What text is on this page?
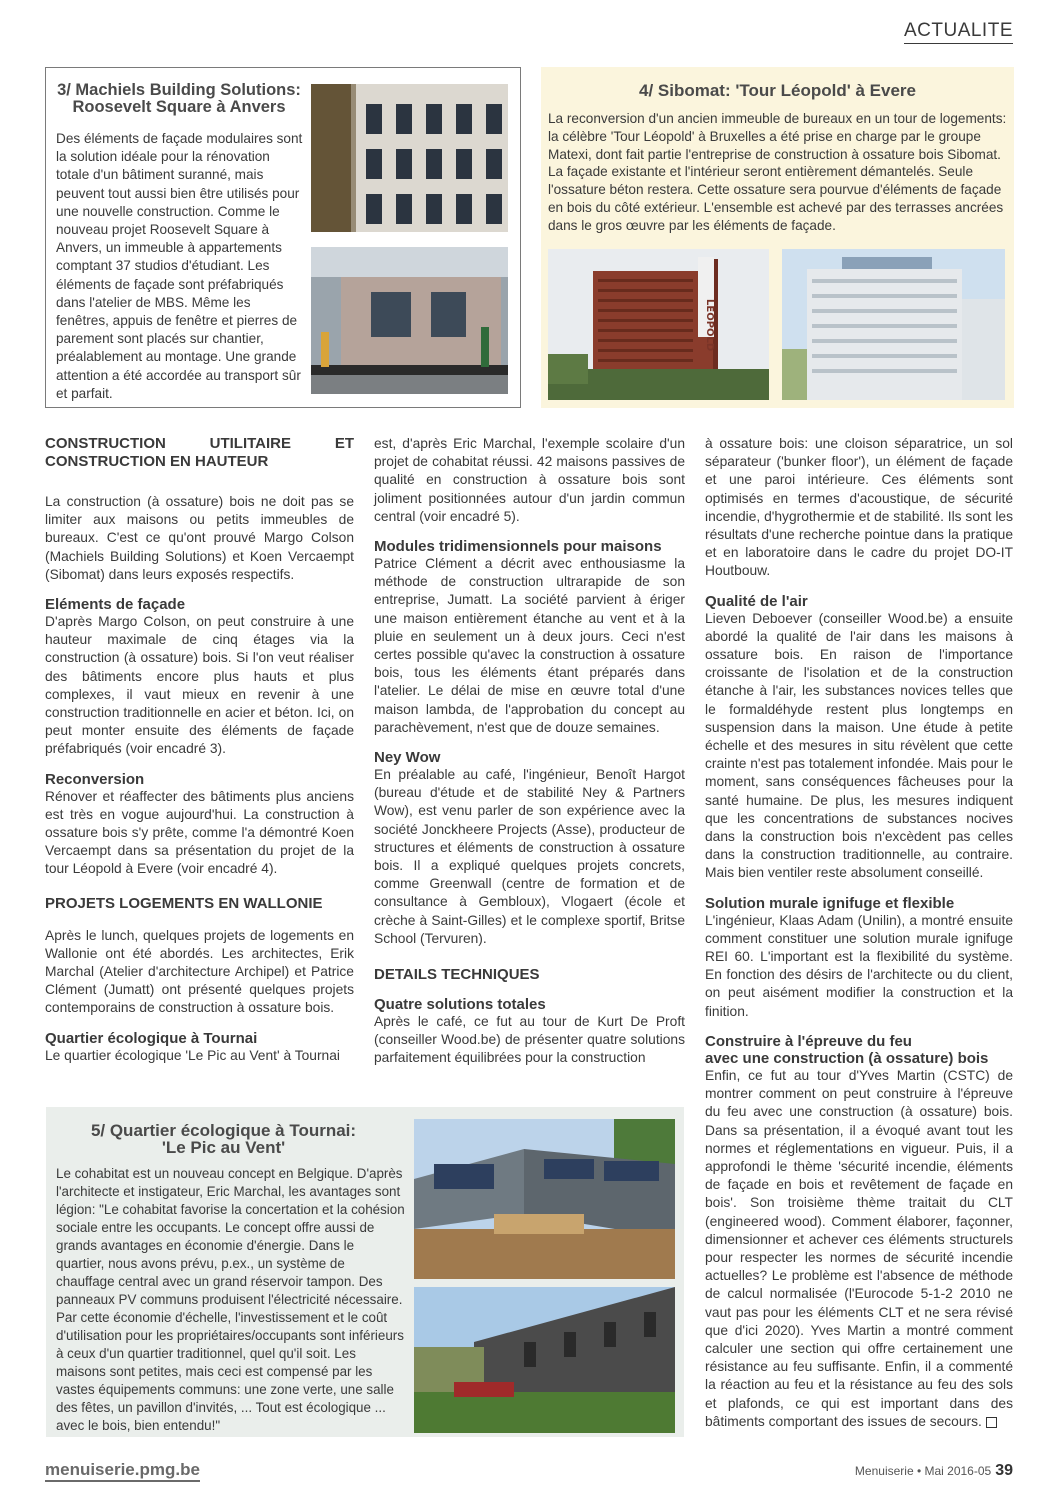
ACTUALITE
3/ Machiels Building Solutions:
Roosevelt Square à Anvers
Des éléments de façade modulaires sont la solution idéale pour la rénovation totale d'un bâtiment suranné, mais peuvent tout aussi bien être utilisés pour une nouvelle construction. Comme le nouveau projet Roosevelt Square à Anvers, un immeuble à appartements comptant 37 studios d'étudiant. Les éléments de façade sont préfabriqués dans l'atelier de MBS. Même les fenêtres, appuis de fenêtre et pierres de parement sont placés sur chantier, préalablement au montage. Une grande attention a été accordée au transport sûr et parfait.
4/ Sibomat: 'Tour Léopold' à Evere
La reconversion d'un ancien immeuble de bureaux en un tour de logements: la célèbre 'Tour Léopold' à Bruxelles a été prise en charge par le groupe Matexi, dont fait partie l'entreprise de construction à ossature bois Sibomat. La façade existante et l'intérieur seront entièrement démantelés. Seule l'ossature béton restera. Cette ossature sera pourvue d'éléments de façade en bois du côté extérieur. L'ensemble est achevé par des terrasses ancrées dans le gros œuvre par les éléments de façade.
LEOPOLD
CONSTRUCTION UTILITAIRE ET CONSTRUCTION EN HAUTEUR

La construction (à ossature) bois ne doit pas se limiter aux maisons ou petits immeubles de bureaux. C'est ce qu'ont prouvé Margo Colson (Machiels Building Solutions) et Koen Vercaempt (Sibomat) dans leurs exposés respectifs.

Eléments de façade

D'après Margo Colson, on peut construire à une hauteur maximale de cinq étages via la construction (à ossature) bois. Si l'on veut réaliser des bâtiments encore plus hauts et plus complexes, il vaut mieux en revenir à une construction traditionnelle en acier et béton. Ici, on peut monter ensuite des éléments de façade préfabriqués (voir encadré 3).

Reconversion

Rénover et réaffecter des bâtiments plus anciens est très en vogue aujourd'hui. La construction à ossature bois s'y prête, comme l'a démontré Koen Vercaempt dans sa présentation du projet de la tour Léopold à Evere (voir encadré 4).

PROJETS LOGEMENTS EN WALLONIE

Après le lunch, quelques projets de logements en Wallonie ont été abordés. Les architectes, Erik Marchal (Atelier d'architecture Archipel) et Patrice Clément (Jumatt) ont présenté quelques projets contemporains de construction à ossature bois.

Quartier écologique à Tournai

Le quartier écologique 'Le Pic au Vent' à Tournai

est, d'après Eric Marchal, l'exemple scolaire d'un projet de cohabitat réussi. 42 maisons passives de qualité en construction à ossature bois sont joliment positionnées autour d'un jardin commun central (voir encadré 5).

Modules tridimensionnels pour maisons

Patrice Clément a décrit avec enthousiasme la méthode de construction ultrarapide de son entreprise, Jumatt. La société parvient à ériger une maison entièrement étanche au vent et à la pluie en seulement un à deux jours. Ceci n'est certes possible qu'avec la construction à ossature bois, tous les éléments étant préparés dans l'atelier. Le délai de mise en œuvre total d'une maison lambda, de l'approbation du concept au parachèvement, n'est que de douze semaines.

Ney Wow

En préalable au café, l'ingénieur, Benoît Hargot (bureau d'étude et de stabilité Ney & Partners Wow), est venu parler de son expérience avec la société Jonckheere Projects (Asse), producteur de structures et éléments de construction à ossature bois. Il a expliqué quelques projets concrets, comme Greenwall (centre de formation et de consultance à Gembloux), Vlogaert (école et crèche à Saint-Gilles) et le complexe sportif, Britse School (Tervuren).

DETAILS TECHNIQUES
Quatre solutions totales

Après le café, ce fut au tour de Kurt De Proft (conseiller Wood.be) de présenter quatre solutions parfaitement équilibrées pour la construction

à ossature bois: une cloison séparatrice, un sol séparateur ('bunker floor'), un élément de façade et une paroi intérieure. Ces éléments sont optimisés en termes d'acoustique, de sécurité incendie, d'hygrothermie et de stabilité. Ils sont les résultats d'une recherche pointue dans la pratique et en laboratoire dans le cadre du projet DO-IT Houtbouw.

Qualité de l'air

Lieven Deboever (conseiller Wood.be) a ensuite abordé la qualité de l'air dans les maisons à ossature bois. En raison de l'importance croissante de l'isolation et de la construction étanche à l'air, les substances novices telles que le formaldéhyde restent plus longtemps en suspension dans la maison. Une étude à petite échelle et des mesures in situ révèlent que cette crainte n'est pas totalement infondée. Mais pour le moment, sans conséquences fâcheuses pour la santé humaine. De plus, les mesures indiquent que les concentrations de substances nocives dans la construction bois n'excèdent pas celles dans la construction traditionnelle, au contraire. Mais bien ventiler reste absolument conseillé.

Solution murale ignifuge et flexible

L'ingénieur, Klaas Adam (Unilin), a montré ensuite comment constituer une solution murale ignifuge REI 60. L'important est la flexibilité du système. En fonction des désirs de l'architecte ou du client, on peut aisément modifier la construction et la finition.

Construire à l'épreuve du feu
avec une construction (à ossature) bois

Enfin, ce fut au tour d'Yves Martin (CSTC) de montrer comment on peut construire à l'épreuve du feu avec une construction (à ossature) bois. Dans sa présentation, il a évoqué avant tout les normes et réglementations en vigueur. Puis, il a approfondi le thème 'sécurité incendie, éléments de façade en bois et revêtement de façade en bois'. Son troisième thème traitait du CLT (engineered wood). Comment élaborer, façonner, dimensionner et achever ces éléments structurels pour respecter les normes de sécurité incendie actuelles? Le problème est l'absence de méthode de calcul normalisée (l'Eurocode 5-1-2 2010 ne vaut pas pour les éléments CLT et ne sera révisé que d'ici 2020). Yves Martin a montré comment calculer une section qui offre certainement une résistance au feu suffisante. Enfin, il a commenté la réaction au feu et la résistance au feu des sols et plafonds, ce qui est important dans des bâtiments comportant des issues de secours.

5/ Quartier écologique à Tournai:
'Le Pic au Vent'
Le cohabitat est un nouveau concept en Belgique. D'après l'architecte et instigateur, Eric Marchal, les avantages sont légion: "Le cohabitat favorise la concertation et la cohésion sociale entre les occupants. Le concept offre aussi de grands avantages en économie d'énergie. Dans le quartier, nous avons prévu, p.ex., un système de chauffage central avec un grand réservoir tampon. Des panneaux PV communs produisent l'électricité nécessaire. Par cette économie d'échelle, l'investissement et le coût d'utilisation pour les propriétaires/occupants sont inférieurs à ceux d'un quartier traditionnel, quel qu'il soit. Les maisons sont petites, mais ceci est compensé par les vastes équipements communs: une zone verte, une salle des fêtes, un pavillon d'invités, ... Tout est écologique ... avec le bois, bien entendu!"
menuiserie.pmg.be	Menuiserie • Mai 2016-05 39
